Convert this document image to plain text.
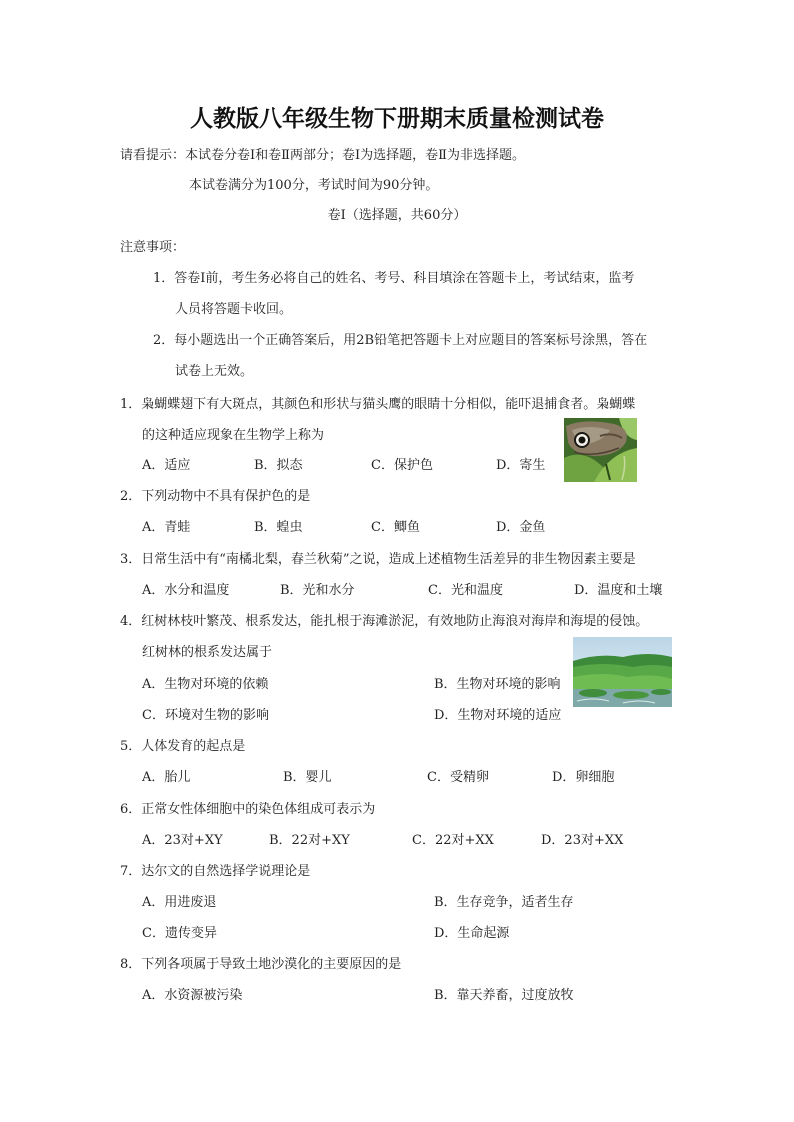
人教版八年级生物下册期末质量检测试卷
请看提示：本试卷分卷Ⅰ和卷Ⅱ两部分；卷Ⅰ为选择题，卷Ⅱ为非选择题。
本试卷满分为100分，考试时间为90分钟。
卷Ⅰ（选择题，共60分）
注意事项：
1．答卷Ⅰ前，考生务必将自己的姓名、考号、科目填涂在答题卡上，考试结束，监考
人员将答题卡收回。
2．每小题选出一个正确答案后，用2B铅笔把答题卡上对应题目的答案标号涂黑，答在
试卷上无效。
1．枭蝴蝶翅下有大斑点，其颜色和形状与猫头鹰的眼睛十分相似，能吓退捕食者。枭蝴蝶
的这种适应现象在生物学上称为
A．适应	B．拟态	C．保护色	D．寄生
2．下列动物中不具有保护色的是
A．青蛙	B．蝗虫	C．鲫鱼	D．金鱼
3．日常生活中有“南橘北梨，春兰秋菊”之说，造成上述植物生活差异的非生物因素主要是
A．水分和温度	B．光和水分	C．光和温度	D．温度和土壤
4．红树林枝叶繁茂、根系发达，能扎根于海滩淤泥，有效地防止海浪对海岸和海堤的侵蚀。
红树林的根系发达属于
A．生物对环境的依赖	B．生物对环境的影响
C．环境对生物的影响	D．生物对环境的适应
5．人体发育的起点是
A．胎儿	B．婴儿	C．受精卵	D．卵细胞
6．正常女性体细胞中的染色体组成可表示为
A．23对+XY	B．22对+XY	C．22对+XX	D．23对+XX
7．达尔文的自然选择学说理论是
A．用进废退	B．生存竞争，适者生存
C．遗传变异	D．生命起源
8．下列各项属于导致土地沙漠化的主要原因的是
A．水资源被污染	B．靠天养畜，过度放牧
